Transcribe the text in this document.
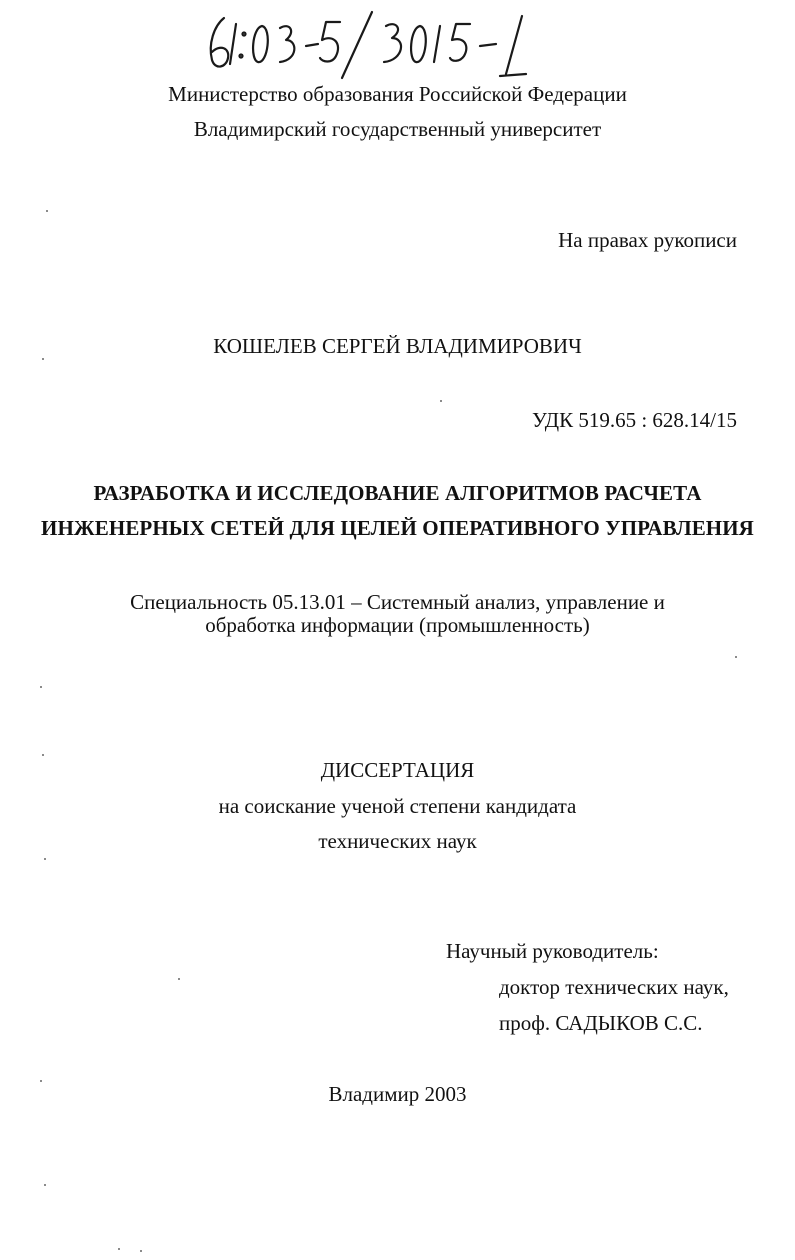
Министерство образования Российской Федерации
Владимирский государственный университет
На правах рукописи
КОШЕЛЕВ СЕРГЕЙ ВЛАДИМИРОВИЧ
УДК 519.65 : 628.14/15
РАЗРАБОТКА И ИССЛЕДОВАНИЕ АЛГОРИТМОВ РАСЧЕТА
ИНЖЕНЕРНЫХ СЕТЕЙ ДЛЯ ЦЕЛЕЙ ОПЕРАТИВНОГО УПРАВЛЕНИЯ
Специальность 05.13.01 – Системный анализ, управление и
обработка информации (промышленность)
ДИССЕРТАЦИЯ
на соискание ученой степени кандидата
технических наук
Научный руководитель:
доктор технических наук,
проф. САДЫКОВ С.С.
Владимир 2003
